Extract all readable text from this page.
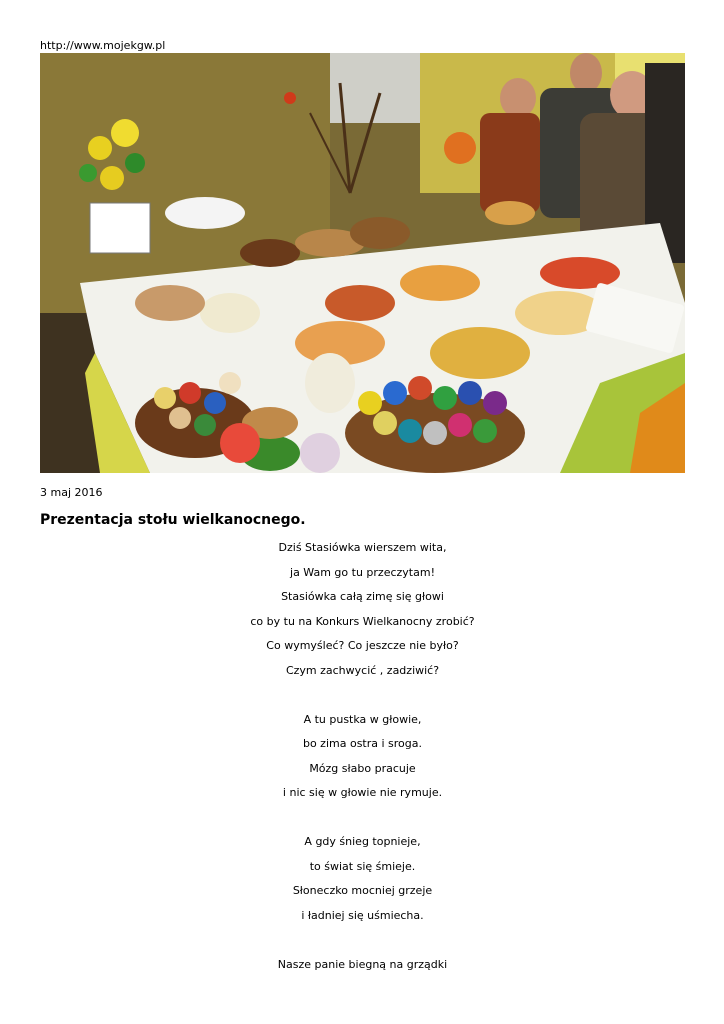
http://www.mojekgw.pl
3 maj 2016
Prezentacja stołu wielkanocnego.
Dziś Stasiówka wierszem wita,
ja Wam go tu przeczytam!
Stasiówka całą zimę się głowi
co by tu na Konkurs Wielkanocny zrobić?
Co wymyśleć? Co jeszcze nie było?
Czym zachwycić , zadziwić?
A tu pustka w głowie,
bo zima ostra i sroga.
Mózg słabo pracuje
i nic się w głowie nie rymuje.
A gdy śnieg topnieje,
to świat się śmieje.
Słoneczko mocniej grzeje
i ładniej się uśmiecha.
Nasze panie biegną na grządki
